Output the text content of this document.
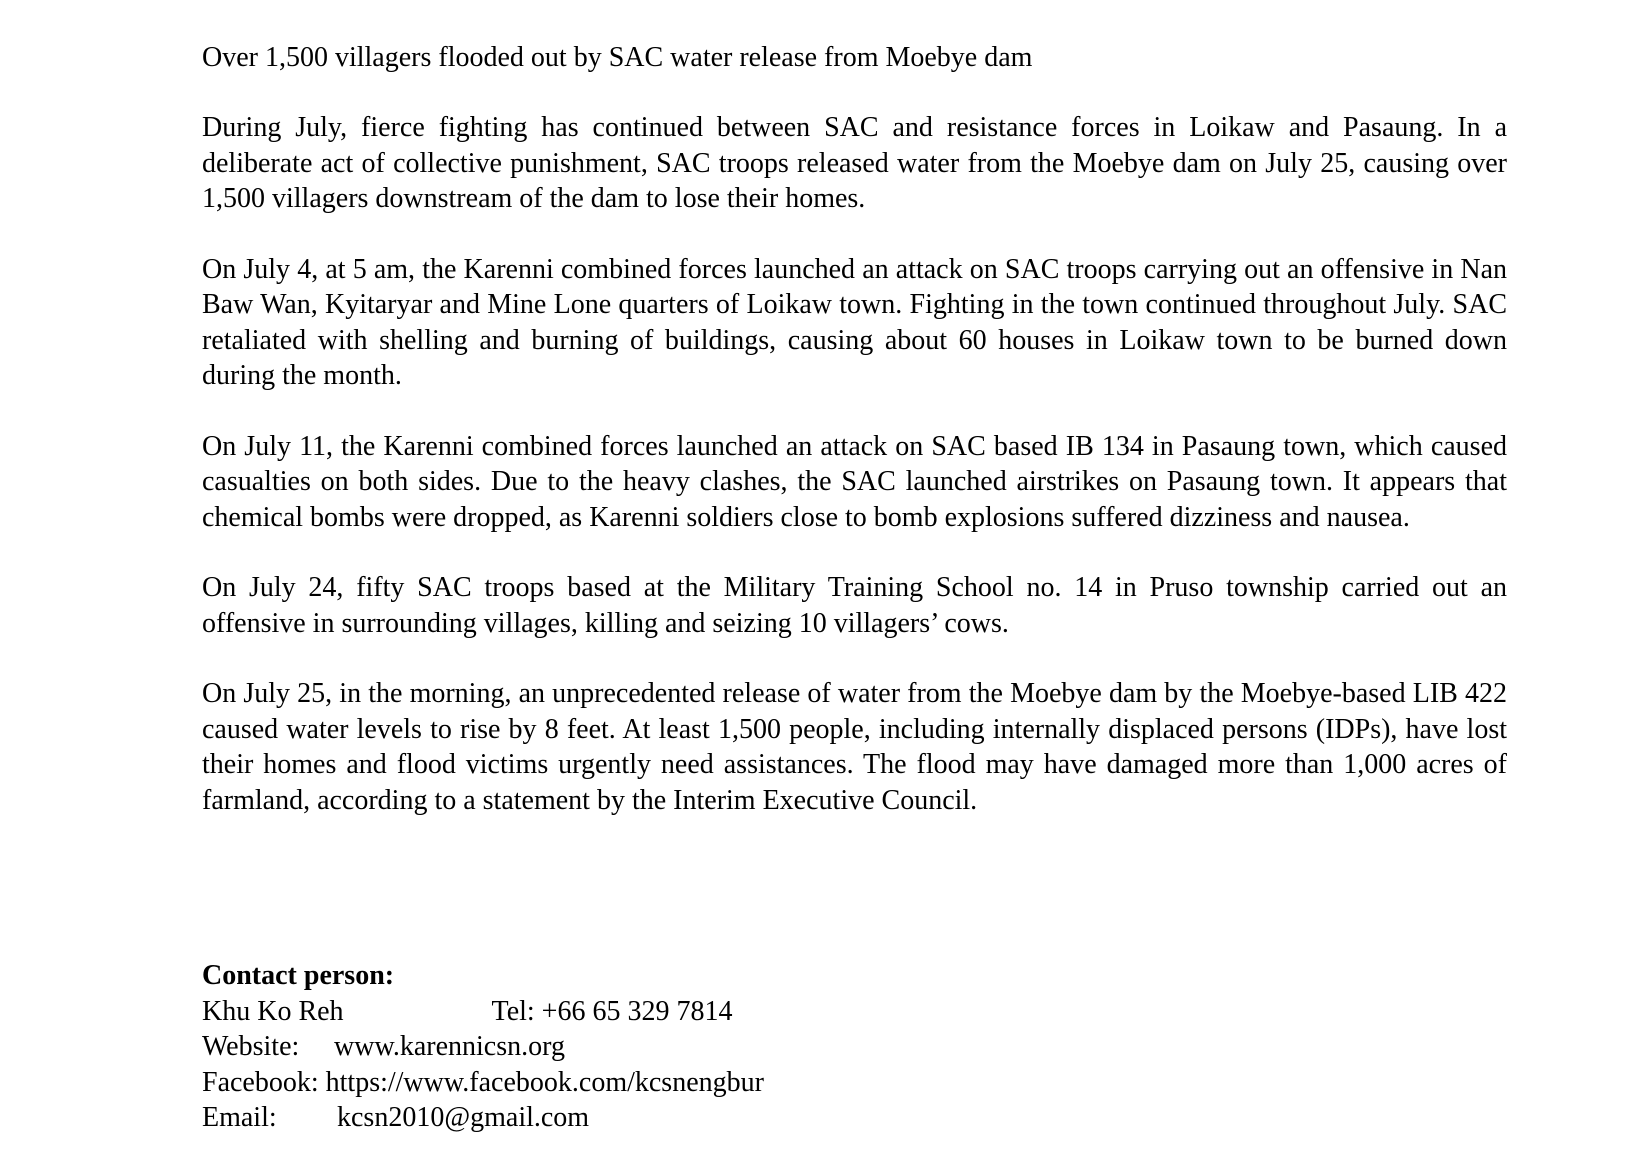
Over 1,500 villagers flooded out by SAC water release from Moebye dam

During July, fierce fighting has continued between SAC and resistance forces in Loikaw and Pasaung. In a deliberate act of collective punishment, SAC troops released water from the Moebye dam on July 25, causing over 1,500 villagers downstream of the dam to lose their homes.

On July 4, at 5 am, the Karenni combined forces launched an attack on SAC troops carrying out an offensive in Nan Baw Wan, Kyitaryar and Mine Lone quarters of Loikaw town. Fighting in the town continued throughout July. SAC retaliated with shelling and burning of buildings, causing about 60 houses in Loikaw town to be burned down during the month.

On July 11, the Karenni combined forces launched an attack on SAC based IB 134 in Pasaung town, which caused casualties on both sides. Due to the heavy clashes, the SAC launched airstrikes on Pasaung town. It appears that chemical bombs were dropped, as Karenni soldiers close to bomb explosions suffered dizziness and nausea.

On July 24, fifty SAC troops based at the Military Training School no. 14 in Pruso township carried out an offensive in surrounding villages, killing and seizing 10 villagers’ cows.

On July 25, in the morning, an unprecedented release of water from the Moebye dam by the Moebye-based LIB 422 caused water levels to rise by 8 feet. At least 1,500 people, including internally displaced persons (IDPs), have lost their homes and flood victims urgently need assistances. The flood may have damaged more than 1,000 acres of farmland, according to a statement by the Interim Executive Council.

Contact person:
Khu Ko Reh	Tel: +66 65 329 7814
Website: www.karennicsn.org
Facebook: https://www.facebook.com/kcsnengbur
Email: kcsn2010@gmail.com
